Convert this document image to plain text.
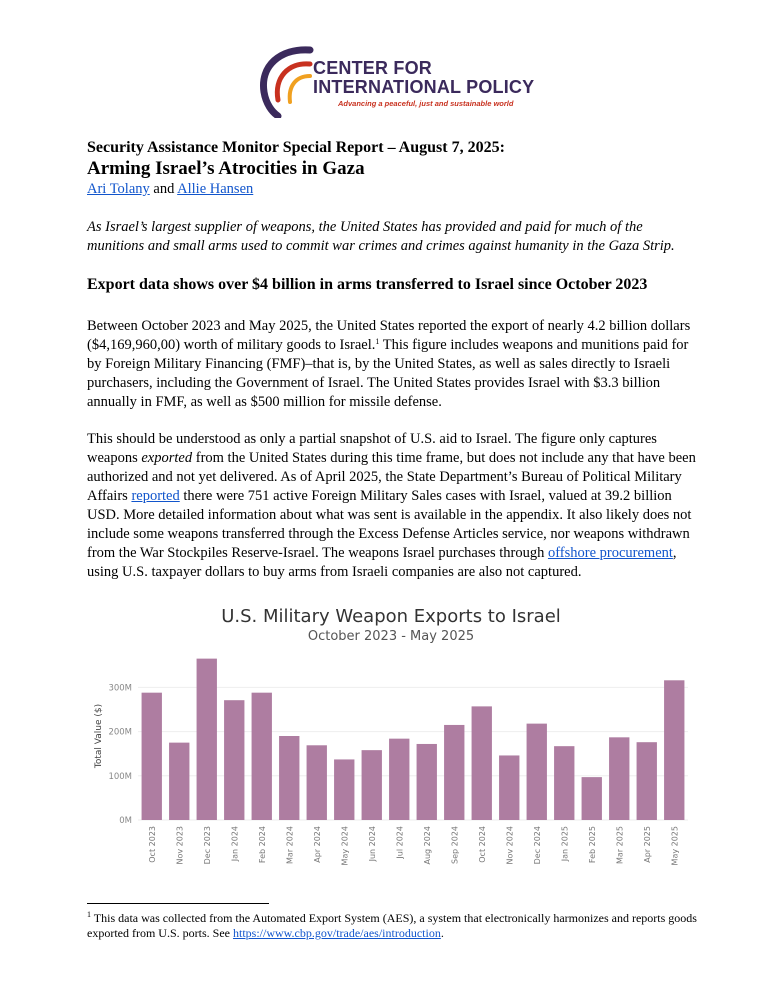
CENTER FOR
INTERNATIONAL POLICY
Advancing a peaceful, just and sustainable world
Security Assistance Monitor Special Report – August 7, 2025:
Arming Israel’s Atrocities in Gaza
Ari Tolany and Allie Hansen
As Israel’s largest supplier of weapons, the United States has provided and paid for much of the munitions and small arms used to commit war crimes and crimes against humanity in the Gaza Strip.
Export data shows over $4 billion in arms transferred to Israel since October 2023
Between October 2023 and May 2025, the United States reported the export of nearly 4.2 billion dollars ($4,169,960,00) worth of military goods to Israel.$^1$ This figure includes weapons and munitions paid for by Foreign Military Financing (FMF)–that is, by the United States, as well as sales directly to Israeli purchasers, including the Government of Israel. The United States provides Israel with $3.3 billion annually in FMF, as well as $500 million for missile defense.
This should be understood as only a partial snapshot of U.S. aid to Israel. The figure only captures weapons exported from the United States during this time frame, but does not include any that have been authorized and not yet delivered. As of April 2025, the State Department’s Bureau of Political Military Affairs reported there were 751 active Foreign Military Sales cases with Israel, valued at 39.2 billion USD. More detailed information about what was sent is available in the appendix. It also likely does not include some weapons transferred through the Excess Defense Articles service, nor weapons withdrawn from the War Stockpiles Reserve-Israel. The weapons Israel purchases through offshore procurement, using U.S. taxpayer dollars to buy arms from Israeli companies are also not captured.
U.S. Military Weapon Exports to Israel
October 2023 - May 2025
Total Value ($)
0M
100M
200M
300M
Oct 2023 Nov 2023 Dec 2023 Jan 2024 Feb 2024 Mar 2024 Apr 2024 May 2024 Jun 2024 Jul 2024 Aug 2024 Sep 2024 Oct 2024 Nov 2024 Dec 2024 Jan 2025 Feb 2025 Mar 2025 Apr 2025 May 2025
$^1$ This data was collected from the Automated Export System (AES), a system that electronically harmonizes and reports goods exported from U.S. ports. See https://www.cbp.gov/trade/aes/introduction.
